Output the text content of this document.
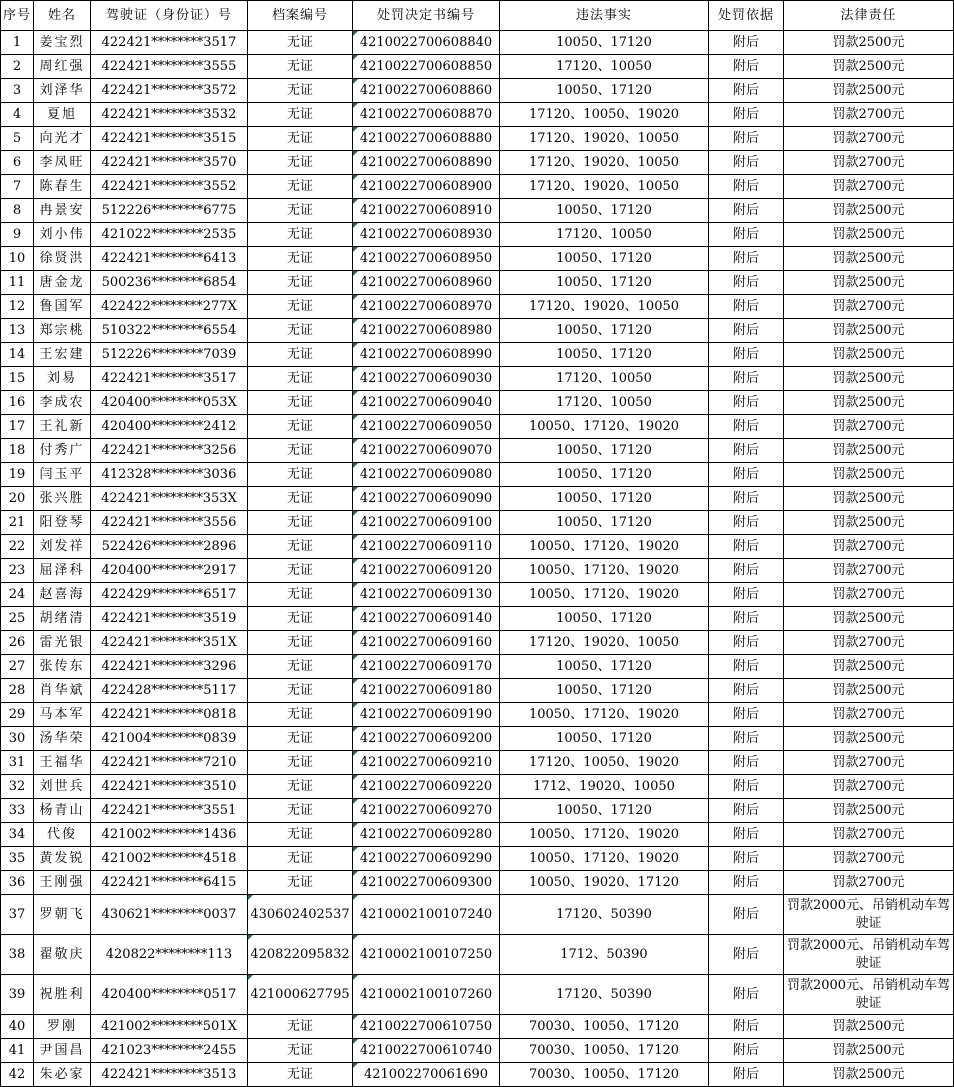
序号	姓名	驾驶证（身份证）号	档案编号	处罚决定书编号	违法事实	处罚依据	法律责任
1	姜宝烈	422421********3517	无证	4210022700608840	10050、17120	附后	罚款2500元
2	周红强	422421********3555	无证	4210022700608850	17120、10050	附后	罚款2500元
3	刘泽华	422421********3572	无证	4210022700608860	10050、17120	附后	罚款2500元
4	夏旭	422421********3532	无证	4210022700608870	17120、10050、19020	附后	罚款2700元
5	向光才	422421********3515	无证	4210022700608880	17120、19020、10050	附后	罚款2700元
6	李凤旺	422421********3570	无证	4210022700608890	17120、19020、10050	附后	罚款2700元
7	陈春生	422421********3552	无证	4210022700608900	17120、19020、10050	附后	罚款2700元
8	冉景安	512226********6775	无证	4210022700608910	10050、17120	附后	罚款2500元
9	刘小伟	421022********2535	无证	4210022700608930	17120、10050	附后	罚款2500元
10	徐贤洪	422421********6413	无证	4210022700608950	10050、17120	附后	罚款2500元
11	唐金龙	500236********6854	无证	4210022700608960	10050、17120	附后	罚款2500元
12	鲁国军	422422********277X	无证	4210022700608970	17120、19020、10050	附后	罚款2700元
13	郑宗桃	510322********6554	无证	4210022700608980	10050、17120	附后	罚款2500元
14	王宏建	512226********7039	无证	4210022700608990	10050、17120	附后	罚款2500元
15	刘易	422421********3517	无证	4210022700609030	17120、10050	附后	罚款2500元
16	李成农	420400********053X	无证	4210022700609040	17120、10050	附后	罚款2500元
17	王礼新	420400********2412	无证	4210022700609050	10050、17120、19020	附后	罚款2700元
18	付秀广	422421********3256	无证	4210022700609070	10050、17120	附后	罚款2500元
19	闫玉平	412328********3036	无证	4210022700609080	10050、17120	附后	罚款2500元
20	张兴胜	422421********353X	无证	4210022700609090	10050、17120	附后	罚款2500元
21	阳登琴	422421********3556	无证	4210022700609100	10050、17120	附后	罚款2500元
22	刘发祥	522426********2896	无证	4210022700609110	10050、17120、19020	附后	罚款2700元
23	屈泽科	420400********2917	无证	4210022700609120	10050、17120、19020	附后	罚款2700元
24	赵喜海	422429********6517	无证	4210022700609130	10050、17120、19020	附后	罚款2700元
25	胡绪清	422421********3519	无证	4210022700609140	10050、17120	附后	罚款2500元
26	雷光银	422421********351X	无证	4210022700609160	17120、19020、10050	附后	罚款2700元
27	张传东	422421********3296	无证	4210022700609170	10050、17120	附后	罚款2500元
28	肖华斌	422428********5117	无证	4210022700609180	10050、17120	附后	罚款2500元
29	马本军	422421********0818	无证	4210022700609190	10050、17120、19020	附后	罚款2700元
30	汤华荣	421004********0839	无证	4210022700609200	10050、17120	附后	罚款2500元
31	王福华	422421********7210	无证	4210022700609210	17120、10050、19020	附后	罚款2700元
32	刘世兵	422421********3510	无证	4210022700609220	1712、19020、10050	附后	罚款2700元
33	杨青山	422421********3551	无证	4210022700609270	10050、17120	附后	罚款2500元
34	代俊	421002********1436	无证	4210022700609280	10050、17120、19020	附后	罚款2700元
35	黄发锐	421002********4518	无证	4210022700609290	10050、17120、19020	附后	罚款2700元
36	王刚强	422421********6415	无证	4210022700609300	10050、19020、17120	附后	罚款2700元
37	罗朝飞	430621********0037	430602402537	4210002100107240	17120、50390	附后	罚款2000元、吊销机动车驾驶证
38	翟敬庆	420822********113	420822095832	4210002100107250	1712、50390	附后	罚款2000元、吊销机动车驾驶证
39	祝胜利	420400********0517	421000627795	4210002100107260	17120、50390	附后	罚款2000元、吊销机动车驾驶证
40	罗刚	421002********501X	无证	4210022700610750	70030、10050、17120	附后	罚款2500元
41	尹国昌	421023********2455	无证	4210022700610740	70030、10050、17120	附后	罚款2500元
42	朱必家	422421********3513	无证	421002270061690	70030、10050、17120	附后	罚款2500元
